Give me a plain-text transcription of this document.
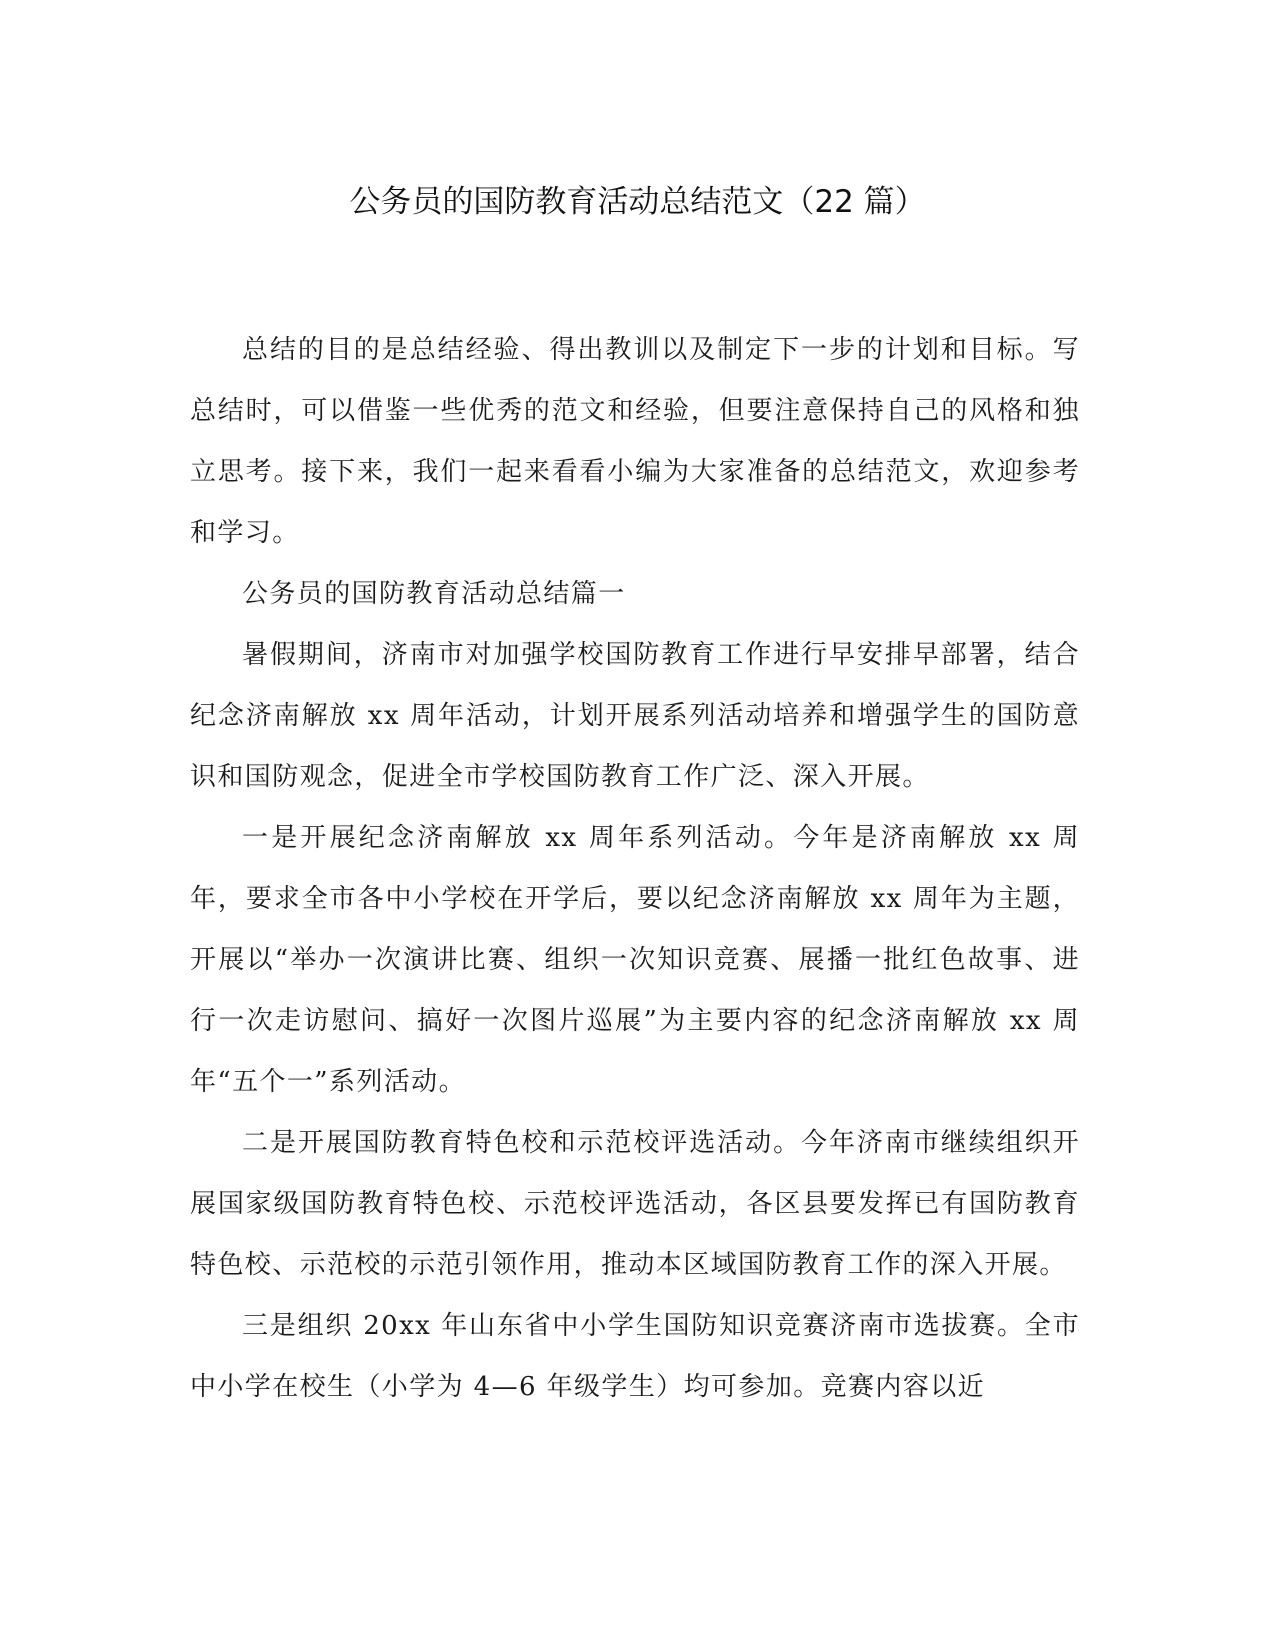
公务员的国防教育活动总结范文（22 篇）

总结的目的是总结经验、得出教训以及制定下一步的计划和目标。写总结时，可以借鉴一些优秀的范文和经验，但要注意保持自己的风格和独立思考。接下来，我们一起来看看小编为大家准备的总结范文，欢迎参考和学习。

公务员的国防教育活动总结篇一

暑假期间，济南市对加强学校国防教育工作进行早安排早部署，结合纪念济南解放 xx 周年活动，计划开展系列活动培养和增强学生的国防意识和国防观念，促进全市学校国防教育工作广泛、深入开展。

一是开展纪念济南解放 xx 周年系列活动。今年是济南解放 xx 周年，要求全市各中小学校在开学后，要以纪念济南解放 xx 周年为主题，开展以“举办一次演讲比赛、组织一次知识竞赛、展播一批红色故事、进行一次走访慰问、搞好一次图片巡展”为主要内容的纪念济南解放 xx 周年“五个一”系列活动。

二是开展国防教育特色校和示范校评选活动。今年济南市继续组织开展国家级国防教育特色校、示范校评选活动，各区县要发挥已有国防教育特色校、示范校的示范引领作用，推动本区域国防教育工作的深入开展。

三是组织 20xx 年山东省中小学生国防知识竞赛济南市选拔赛。全市中小学在校生（小学为 4—6 年级学生）均可参加。竞赛内容以近
